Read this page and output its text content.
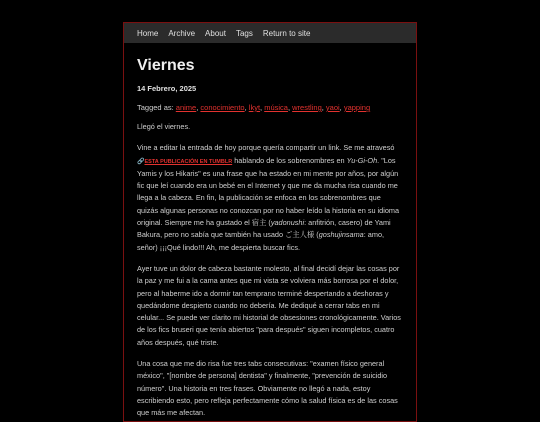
Home Archive About Tags Return to site
Viernes
14 Febrero, 2025
Tagged as: anime, conocimiento, lkyt, música, wrestling, yaoi, yapping

Llegó el viernes.

Vine a editar la entrada de hoy porque quería compartir un link. Se me atravesó 🔗ESTA PUBLICACIÓN EN TUMBLR hablando de los sobrenombres en Yu-Gi-Oh. "Los Yamis y los Hikaris" es una frase que ha estado en mi mente por años, por algún fic que leí cuando era un bebé en el Internet y que me da mucha risa cuando me llega a la cabeza. En fin, la publicación se enfoca en los sobrenombres que quizás algunas personas no conozcan por no haber leído la historia en su idioma original. Siempre me ha gustado el 宿主 (yadonushi: anfitrión, casero) de Yami Bakura, pero no sabía que también ha usado ご主人様 (goshujinsama: amo, señor) ¡¡¡Qué lindo!!! Ah, me despierta buscar fics.

Ayer tuve un dolor de cabeza bastante molesto, al final decidí dejar las cosas por la paz y me fui a la cama antes que mi vista se volviera más borrosa por el dolor, pero al haberme ido a dormir tan temprano terminé despertando a deshoras y quedándome despierto cuando no debería. Me dediqué a cerrar tabs en mi celular... Se puede ver clarito mi historial de obsesiones cronológicamente. Varios de los fics bruseri que tenía abiertos "para después" siguen incompletos, cuatro años después, qué triste.

Una cosa que me dio risa fue tres tabs consecutivas: "examen físico general méxico", "[nombre de persona] dentista" y finalmente, "prevención de suicidio número". Una historia en tres frases. Obviamente no llegó a nada, estoy escribiendo esto, pero refleja perfectamente cómo la salud física es de las cosas que más me afectan.
